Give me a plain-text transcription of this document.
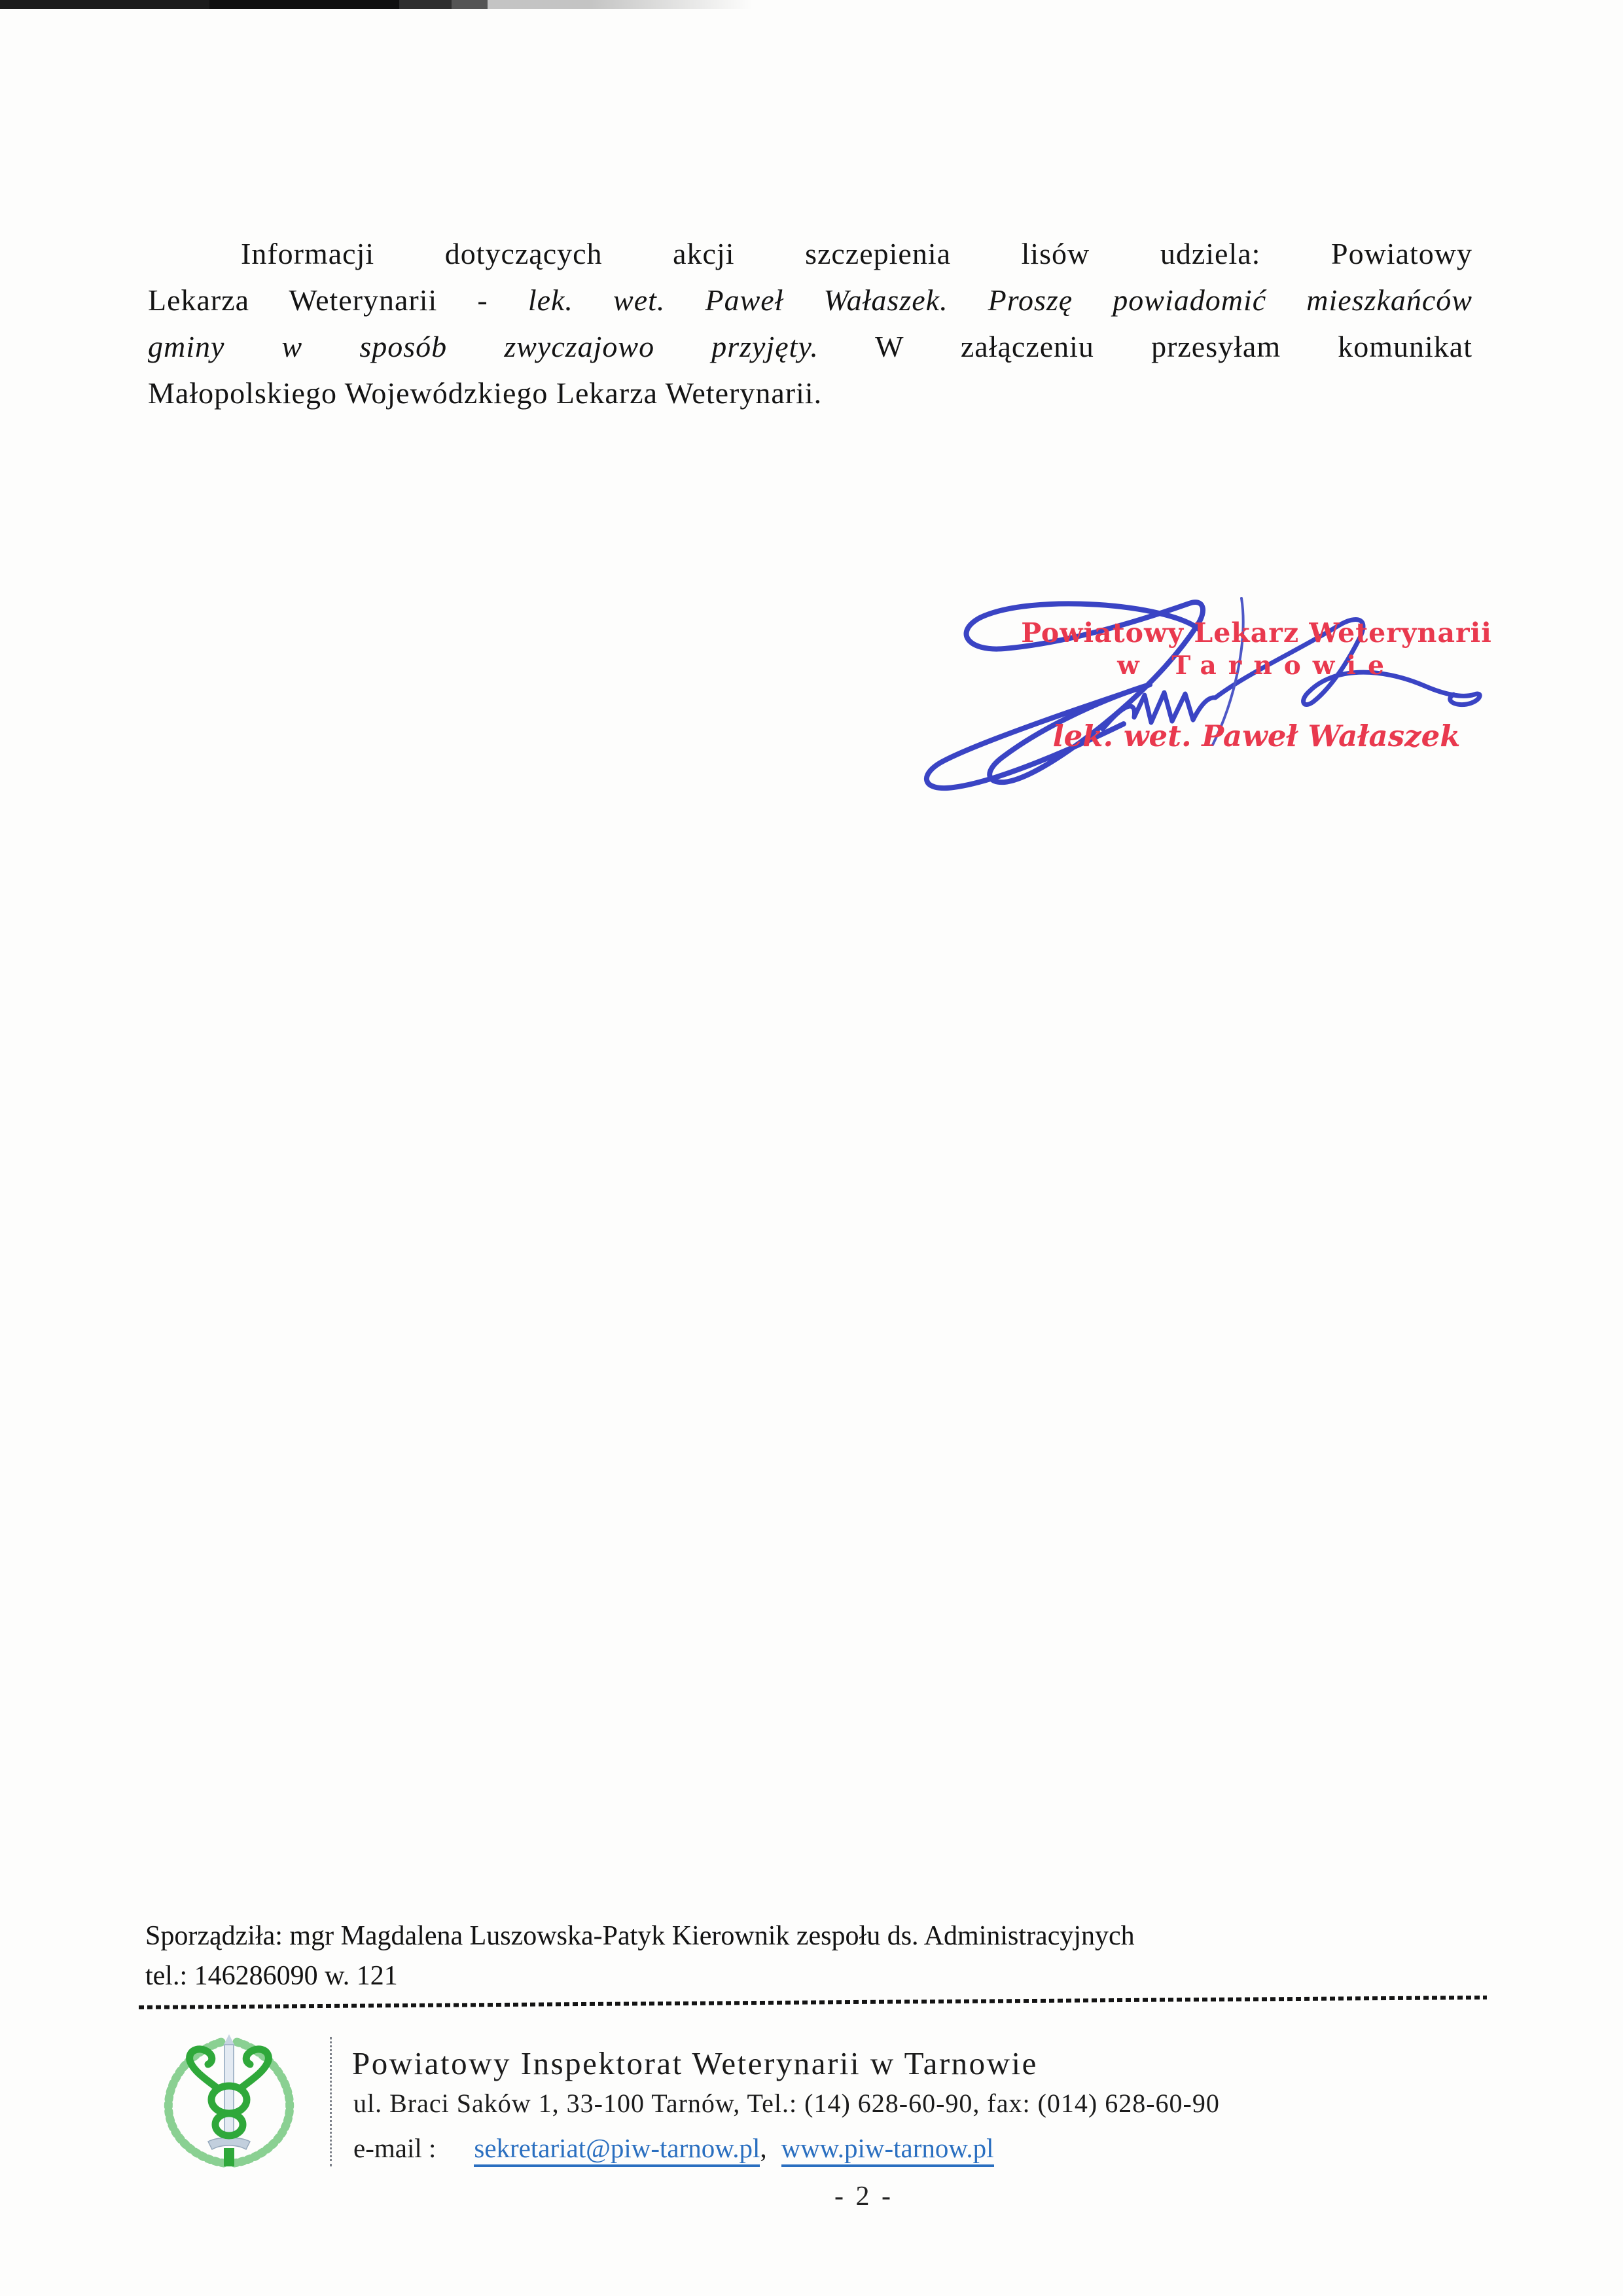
Informacji dotyczących akcji szczepienia lisów udziela: Powiatowy
Lekarza Weterynarii - lek. wet. Paweł Wałaszek. Proszę powiadomić mieszkańców
gminy w sposób zwyczajowo przyjęty. W załączeniu przesyłam komunikat
Małopolskiego Wojewódzkiego Lekarza Weterynarii.
Powiatowy Lekarz Weterynarii
w Tarnowie
lek. wet. Paweł Wałaszek
Sporządziła: mgr Magdalena Luszowska-Patyk Kierownik zespołu ds. Administracyjnych
tel.: 146286090 w. 121
Powiatowy Inspektorat Weterynarii w Tarnowie
ul. Braci Saków 1, 33-100 Tarnów, Tel.: (14) 628-60-90, fax: (014) 628-60-90
e-mail : sekretariat@piw-tarnow.pl, www.piw-tarnow.pl
- 2 -
